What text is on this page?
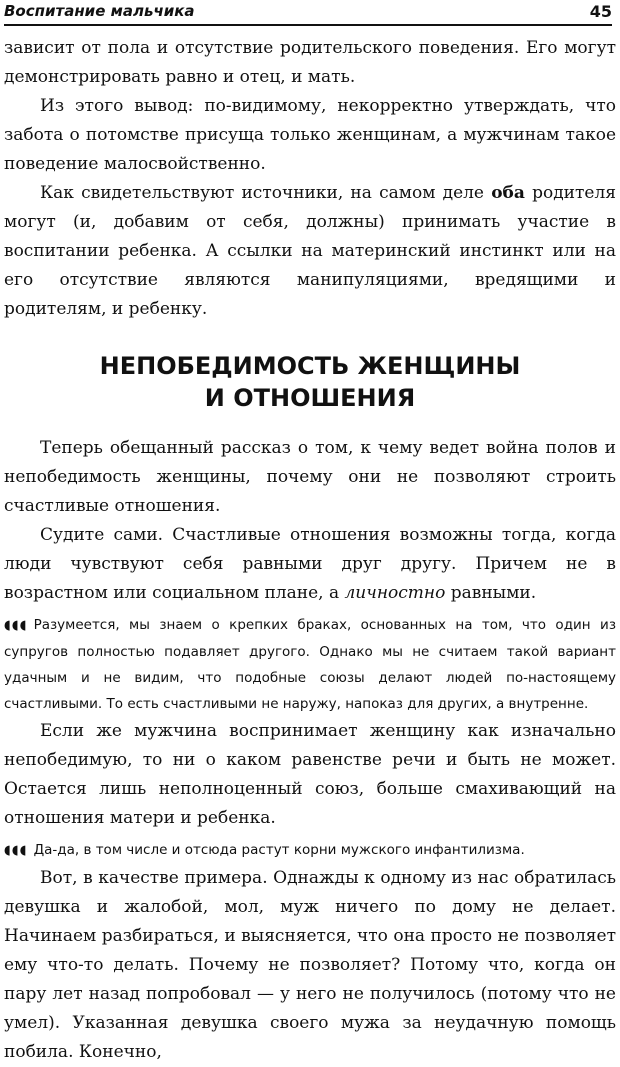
Воспитание мальчика	45

зависит от пола и отсутствие родительского поведения. Его могут демонстрировать равно и отец, и мать.

Из этого вывод: по-видимому, некорректно утверждать, что забота о потомстве присуща только женщинам, а мужчинам такое поведение малосвойственно.

Как свидетельствуют источники, на самом деле оба родителя могут (и, добавим от себя, должны) принимать участие в воспитании ребенка. А ссылки на материнский инстинкт или на его отсутствие являются манипуляциями, вредящими и родителям, и ребенку.

НЕПОБЕДИМОСТЬ ЖЕНЩИНЫ
И ОТНОШЕНИЯ

Теперь обещанный рассказ о том, к чему ведет война полов и непобедимость женщины, почему они не позволяют строить счастливые отношения.

Судите сами. Счастливые отношения возможны тогда, когда люди чувствуют себя равными друг другу. Причем не в возрастном или социальном плане, а личностно равными.

◖◖◖ Разумеется, мы знаем о крепких браках, основанных на том, что один из супругов полностью подавляет другого. Однако мы не считаем такой вариант удачным и не видим, что подобные союзы делают людей по-настоящему счастливыми. То есть счастливыми не наружу, напоказ для других, а внутренне.

Если же мужчина воспринимает женщину как изначально непобедимую, то ни о каком равенстве речи и быть не может. Остается лишь неполноценный союз, больше смахивающий на отношения матери и ребенка.

◖◖◖ Да-да, в том числе и отсюда растут корни мужского инфантилизма.

Вот, в качестве примера. Однажды к одному из нас обратилась девушка и жалобой, мол, муж ничего по дому не делает. Начинаем разбираться, и выясняется, что она просто не позволяет ему что-то делать. Почему не позволяет? Потому что, когда он пару лет назад попробовал — у него не получилось (потому что не умел). Указанная девушка своего мужа за неудачную помощь побила. Конечно,
